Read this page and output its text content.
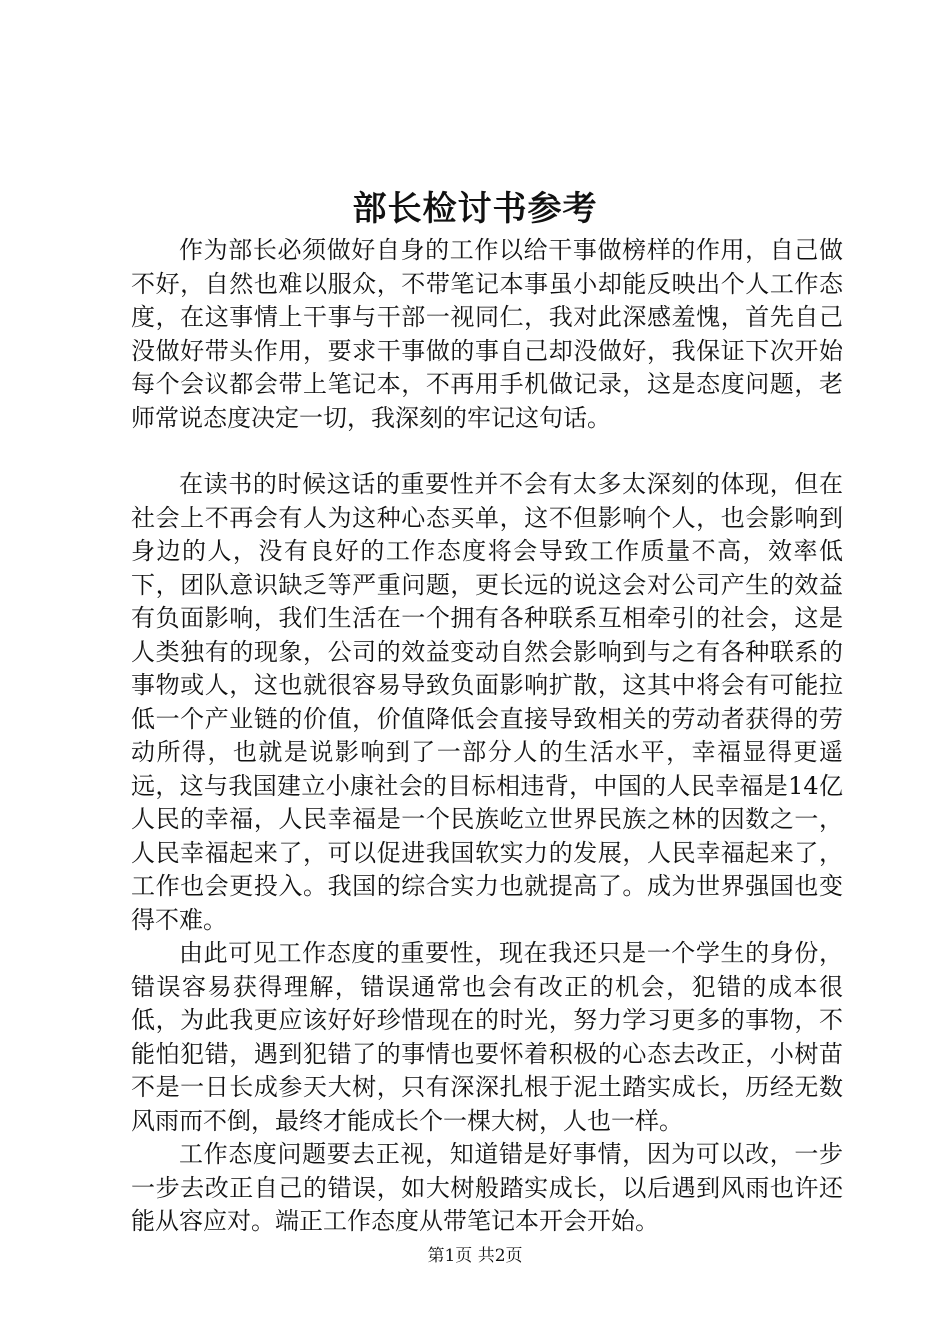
部长检讨书参考

作为部长必须做好自身的工作以给干事做榜样的作用，自己做不好，自然也难以服众，不带笔记本事虽小却能反映出个人工作态度，在这事情上干事与干部一视同仁，我对此深感羞愧，首先自己没做好带头作用，要求干事做的事自己却没做好，我保证下次开始每个会议都会带上笔记本，不再用手机做记录，这是态度问题，老师常说态度决定一切，我深刻的牢记这句话。

在读书的时候这话的重要性并不会有太多太深刻的体现，但在社会上不再会有人为这种心态买单，这不但影响个人，也会影响到身边的人，没有良好的工作态度将会导致工作质量不高，效率低下，团队意识缺乏等严重问题，更长远的说这会对公司产生的效益有负面影响，我们生活在一个拥有各种联系互相牵引的社会，这是人类独有的现象，公司的效益变动自然会影响到与之有各种联系的事物或人，这也就很容易导致负面影响扩散，这其中将会有可能拉低一个产业链的价值，价值降低会直接导致相关的劳动者获得的劳动所得，也就是说影响到了一部分人的生活水平，幸福显得更遥远，这与我国建立小康社会的目标相违背，中国的人民幸福是14亿人民的幸福，人民幸福是一个民族屹立世界民族之林的因数之一，人民幸福起来了，可以促进我国软实力的发展，人民幸福起来了，工作也会更投入。我国的综合实力也就提高了。成为世界强国也变得不难。

由此可见工作态度的重要性，现在我还只是一个学生的身份，错误容易获得理解，错误通常也会有改正的机会，犯错的成本很低，为此我更应该好好珍惜现在的时光，努力学习更多的事物，不能怕犯错，遇到犯错了的事情也要怀着积极的心态去改正，小树苗不是一日长成参天大树，只有深深扎根于泥土踏实成长，历经无数风雨而不倒，最终才能成长个一棵大树，人也一样。

工作态度问题要去正视，知道错是好事情，因为可以改，一步一步去改正自己的错误，如大树般踏实成长，以后遇到风雨也许还能从容应对。端正工作态度从带笔记本开会开始。

第1页 共2页
